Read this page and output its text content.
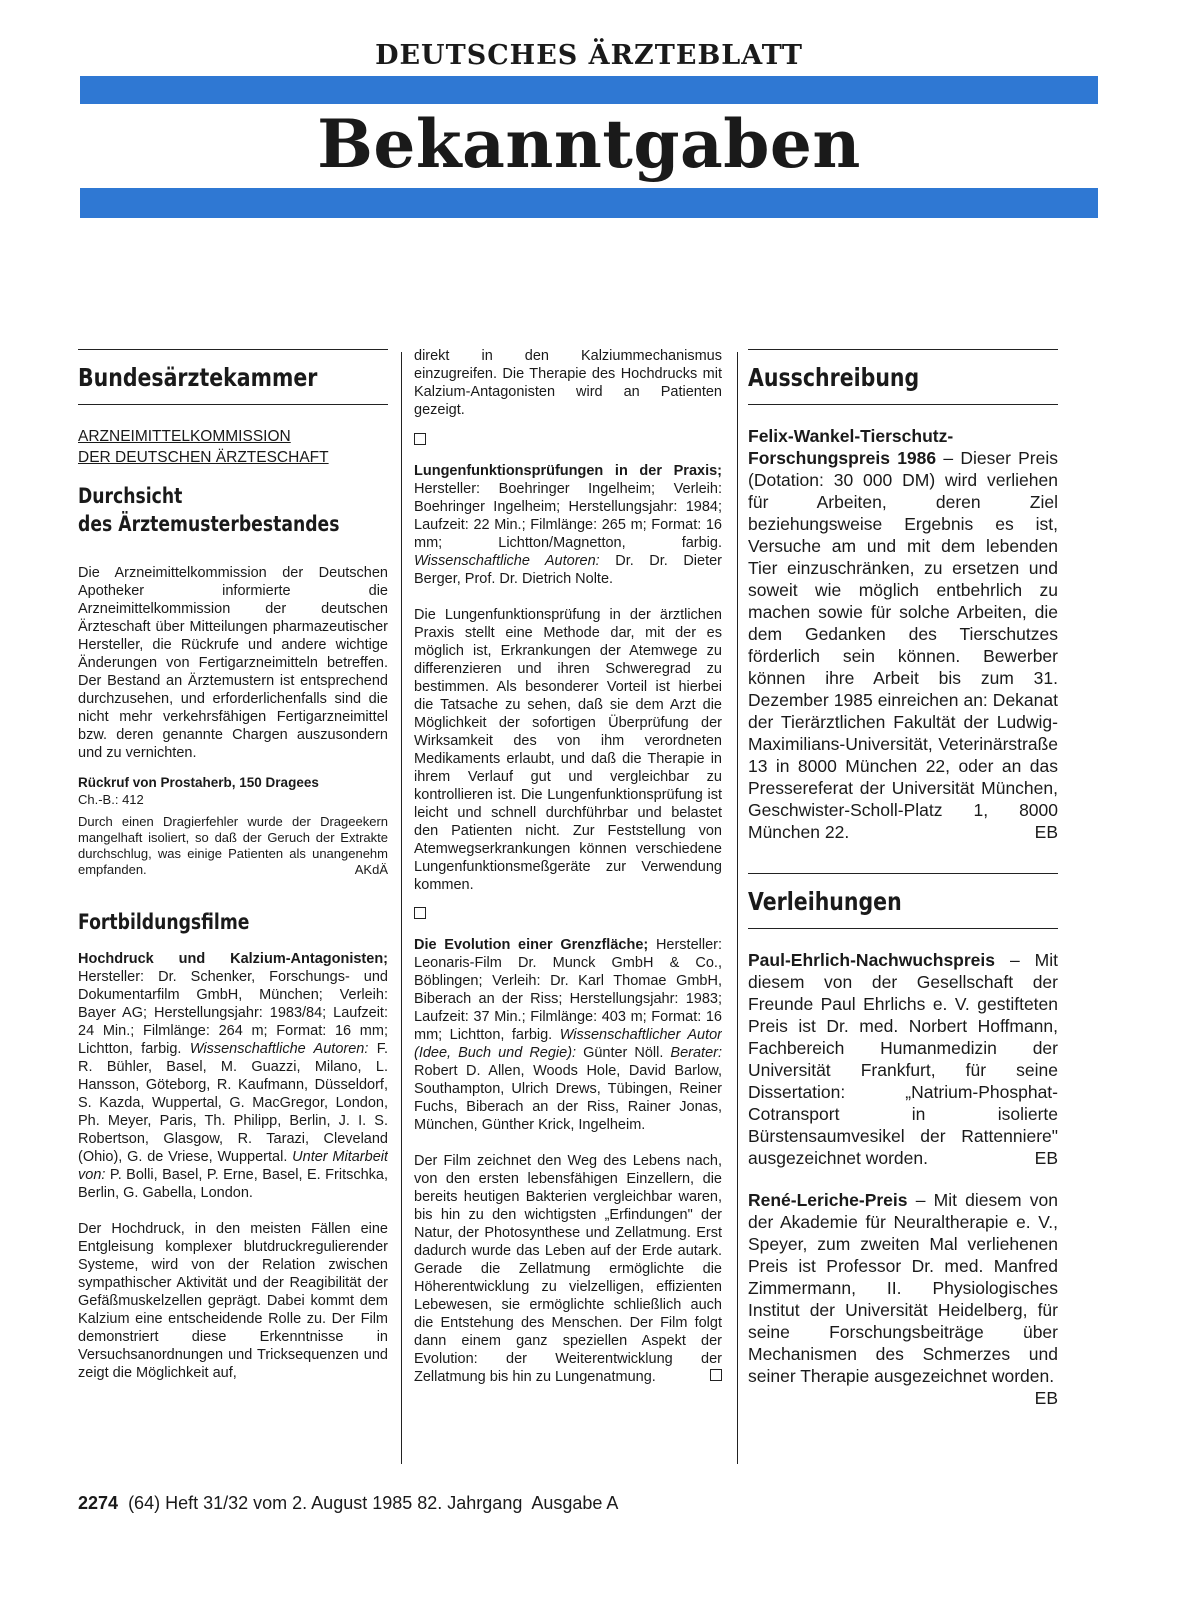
DEUTSCHES ÄRZTEBLATT
Bekanntgaben
Bundesärztekammer
ARZNEIMITTELKOMMISSION
DER DEUTSCHEN ÄRZTESCHAFT
Durchsicht
des Ärztemusterbestandes

Die Arzneimittelkommission der Deutschen Apotheker informierte die Arzneimittelkommission der deutschen Ärzteschaft über Mitteilungen pharmazeutischer Hersteller, die Rückrufe und andere wichtige Änderungen von Fertigarzneimitteln betreffen. Der Bestand an Ärztemustern ist entsprechend durchzusehen, und erforderlichenfalls sind die nicht mehr verkehrsfähigen Fertigarzneimittel bzw. deren genannte Chargen auszusondern und zu vernichten.

Rückruf von Prostaherb, 150 Dragees
Ch.-B.: 412

Durch einen Dragierfehler wurde der Drageekern mangelhaft isoliert, so daß der Geruch der Extrakte durchschlug, was einige Patienten als unangenehm empfanden.	AKdÄ

Fortbildungsfilme

Hochdruck und Kalzium-Antagonisten; Hersteller: Dr. Schenker, Forschungs- und Dokumentarfilm GmbH, München; Verleih: Bayer AG; Herstellungsjahr: 1983/84; Laufzeit: 24 Min.; Filmlänge: 264 m; Format: 16 mm; Lichtton, farbig. Wissenschaftliche Autoren: F. R. Bühler, Basel, M. Guazzi, Milano, L. Hansson, Göteborg, R. Kaufmann, Düsseldorf, S. Kazda, Wuppertal, G. MacGregor, London, Ph. Meyer, Paris, Th. Philipp, Berlin, J. I. S. Robertson, Glasgow, R. Tarazi, Cleveland (Ohio), G. de Vriese, Wuppertal. Unter Mitarbeit von: P. Bolli, Basel, P. Erne, Basel, E. Fritschka, Berlin, G. Gabella, London.

Der Hochdruck, in den meisten Fällen eine Entgleisung komplexer blutdruckregulierender Systeme, wird von der Relation zwischen sympathischer Aktivität und der Reagibilität der Gefäßmuskelzellen geprägt. Dabei kommt dem Kalzium eine entscheidende Rolle zu. Der Film demonstriert diese Erkenntnisse in Versuchsanordnungen und Tricksequenzen und zeigt die Möglichkeit auf,

direkt in den Kalziummechanismus einzugreifen. Die Therapie des Hochdrucks mit Kalzium-Antagonisten wird an Patienten gezeigt.

Lungenfunktionsprüfungen in der Praxis; Hersteller: Boehringer Ingelheim; Verleih: Boehringer Ingelheim; Herstellungsjahr: 1984; Laufzeit: 22 Min.; Filmlänge: 265 m; Format: 16 mm; Lichtton/Magnetton, farbig. Wissenschaftliche Autoren: Dr. Dr. Dieter Berger, Prof. Dr. Dietrich Nolte.

Die Lungenfunktionsprüfung in der ärztlichen Praxis stellt eine Methode dar, mit der es möglich ist, Erkrankungen der Atemwege zu differenzieren und ihren Schweregrad zu bestimmen. Als besonderer Vorteil ist hierbei die Tatsache zu sehen, daß sie dem Arzt die Möglichkeit der sofortigen Überprüfung der Wirksamkeit des von ihm verordneten Medikaments erlaubt, und daß die Therapie in ihrem Verlauf gut und vergleichbar zu kontrollieren ist. Die Lungenfunktionsprüfung ist leicht und schnell durchführbar und belastet den Patienten nicht. Zur Feststellung von Atemwegserkrankungen können verschiedene Lungenfunktionsmeßgeräte zur Verwendung kommen.

Die Evolution einer Grenzfläche; Hersteller: Leonaris-Film Dr. Munck GmbH & Co., Böblingen; Verleih: Dr. Karl Thomae GmbH, Biberach an der Riss; Herstellungsjahr: 1983; Laufzeit: 37 Min.; Filmlänge: 403 m; Format: 16 mm; Lichtton, farbig. Wissenschaftlicher Autor (Idee, Buch und Regie): Günter Nöll. Berater: Robert D. Allen, Woods Hole, David Barlow, Southampton, Ulrich Drews, Tübingen, Reiner Fuchs, Biberach an der Riss, Rainer Jonas, München, Günther Krick, Ingelheim.

Der Film zeichnet den Weg des Lebens nach, von den ersten lebensfähigen Einzellern, die bereits heutigen Bakterien vergleichbar waren, bis hin zu den wichtigsten „Erfindungen" der Natur, der Photosynthese und Zellatmung. Erst dadurch wurde das Leben auf der Erde autark. Gerade die Zellatmung ermöglichte die Höherentwicklung zu vielzelligen, effizienten Lebewesen, sie ermöglichte schließlich auch die Entstehung des Menschen. Der Film folgt dann einem ganz speziellen Aspekt der Evolution: der Weiterentwicklung der Zellatmung bis hin zu Lungenatmung.

Ausschreibung

Felix-Wankel-Tierschutz-Forschungspreis 1986 – Dieser Preis (Dotation: 30 000 DM) wird verliehen für Arbeiten, deren Ziel beziehungsweise Ergebnis es ist, Versuche am und mit dem lebenden Tier einzuschränken, zu ersetzen und soweit wie möglich entbehrlich zu machen sowie für solche Arbeiten, die dem Gedanken des Tierschutzes förderlich sein können. Bewerber können ihre Arbeit bis zum 31. Dezember 1985 einreichen an: Dekanat der Tierärztlichen Fakultät der Ludwig-Maximilians-Universität, Veterinärstraße 13 in 8000 München 22, oder an das Pressereferat der Universität München, Geschwister-Scholl-Platz 1, 8000 München 22.	EB

Verleihungen

Paul-Ehrlich-Nachwuchspreis – Mit diesem von der Gesellschaft der Freunde Paul Ehrlichs e. V. gestifteten Preis ist Dr. med. Norbert Hoffmann, Fachbereich Humanmedizin der Universität Frankfurt, für seine Dissertation: „Natrium-Phosphat-Cotransport in isolierte Bürstensaumvesikel der Rattenniere" ausgezeichnet worden.	EB

René-Leriche-Preis – Mit diesem von der Akademie für Neuraltherapie e. V., Speyer, zum zweiten Mal verliehenen Preis ist Professor Dr. med. Manfred Zimmermann, II. Physiologisches Institut der Universität Heidelberg, für seine Forschungsbeiträge über Mechanismen des Schmerzes und seiner Therapie ausgezeichnet worden.
EB

2274 (64) Heft 31/32 vom 2. August 1985 82. Jahrgang Ausgabe A
